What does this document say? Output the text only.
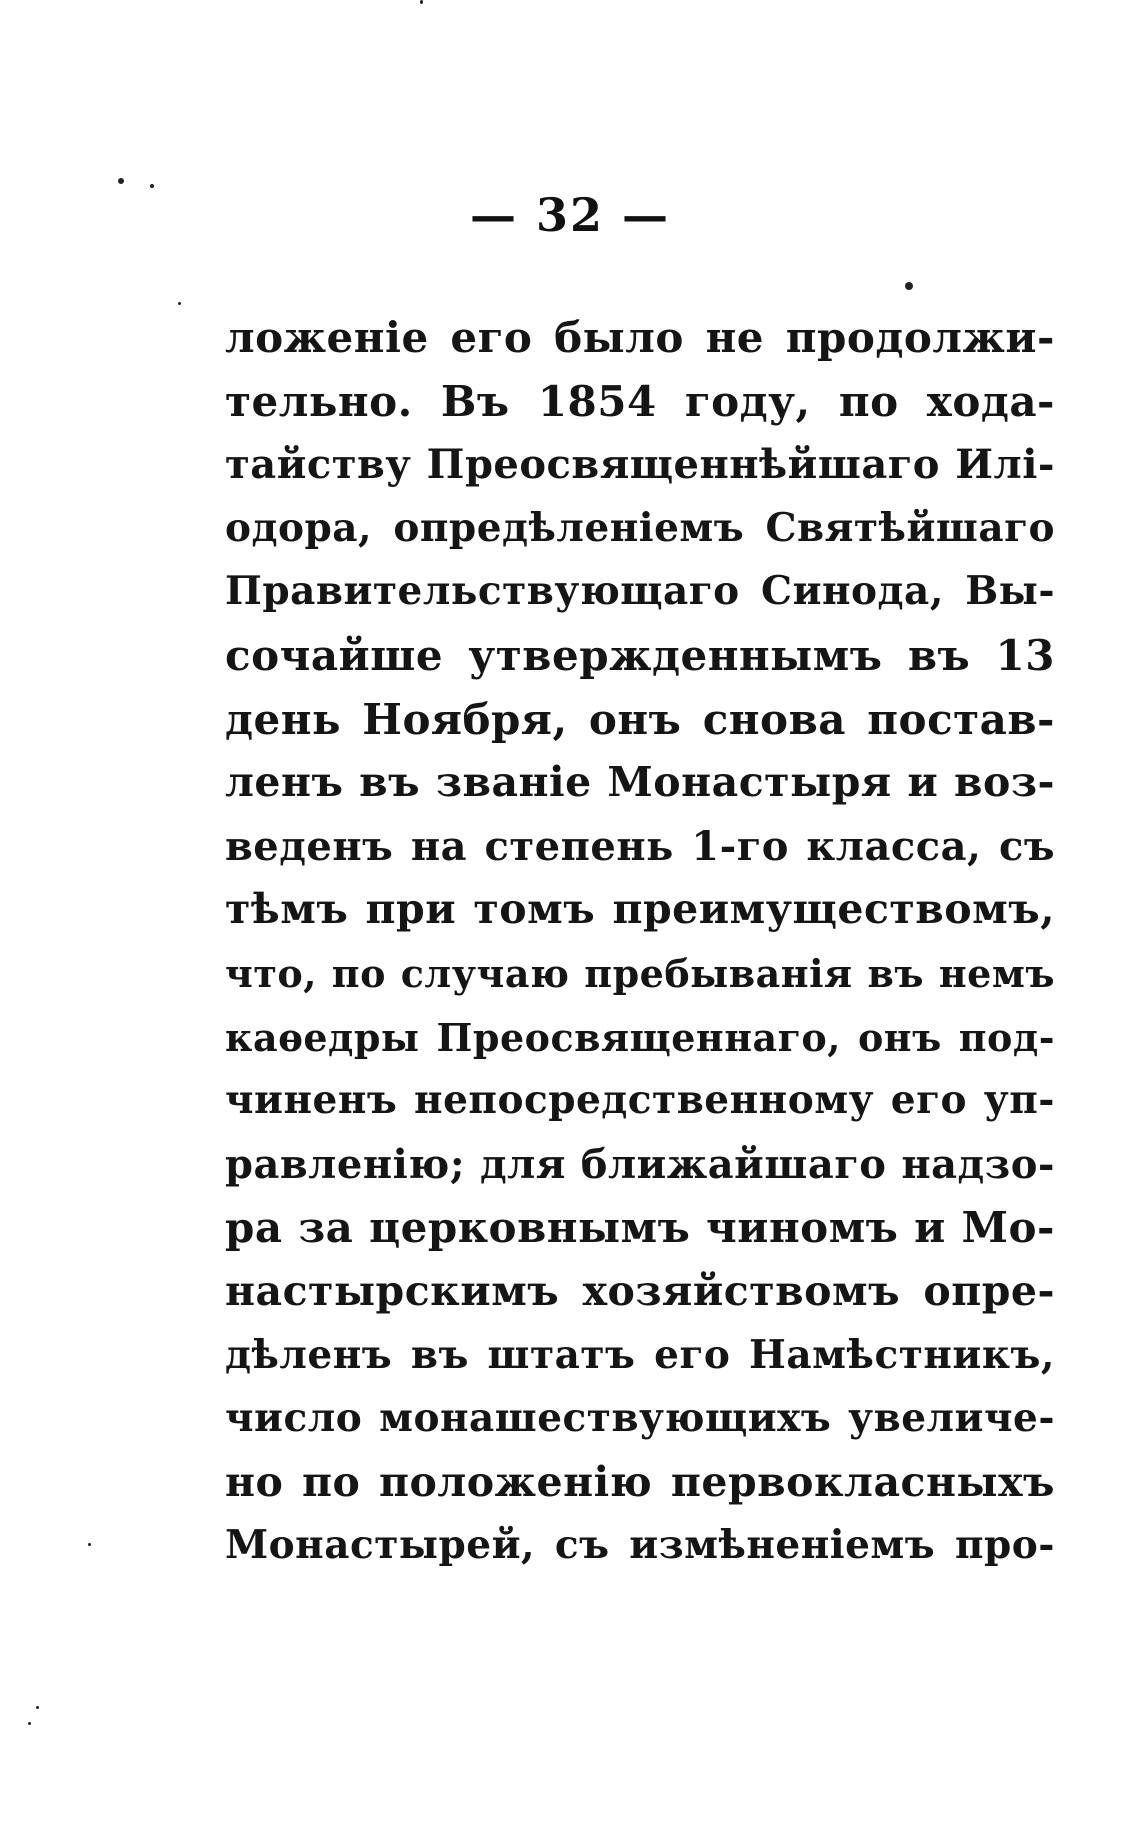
— 32 —
ложеніе его было не продолжи-
тельно. Въ 1854 году, по хода-
тайству Преосвященнѣйшаго Илі-
одора, опредѣленіемъ Святѣйшаго
Правительствующаго Синода, Вы-
сочайше утвержденнымъ въ 13
день Ноября, онъ снова постав-
ленъ въ званіе Монастыря и воз-
веденъ на степень 1-го класса, съ
тѣмъ при томъ преимуществомъ,
что, по случаю пребыванія въ немъ
каѳедры Преосвященнаго, онъ под-
чиненъ непосредственному его уп-
равленію; для ближайшаго надзо-
ра за церковнымъ чиномъ и Мо-
настырскимъ хозяйствомъ опре-
дѣленъ въ штатъ его Намѣстникъ,
число монашествующихъ увеличе-
но по положенію первокласныхъ
Монастырей, съ измѣненіемъ про-
